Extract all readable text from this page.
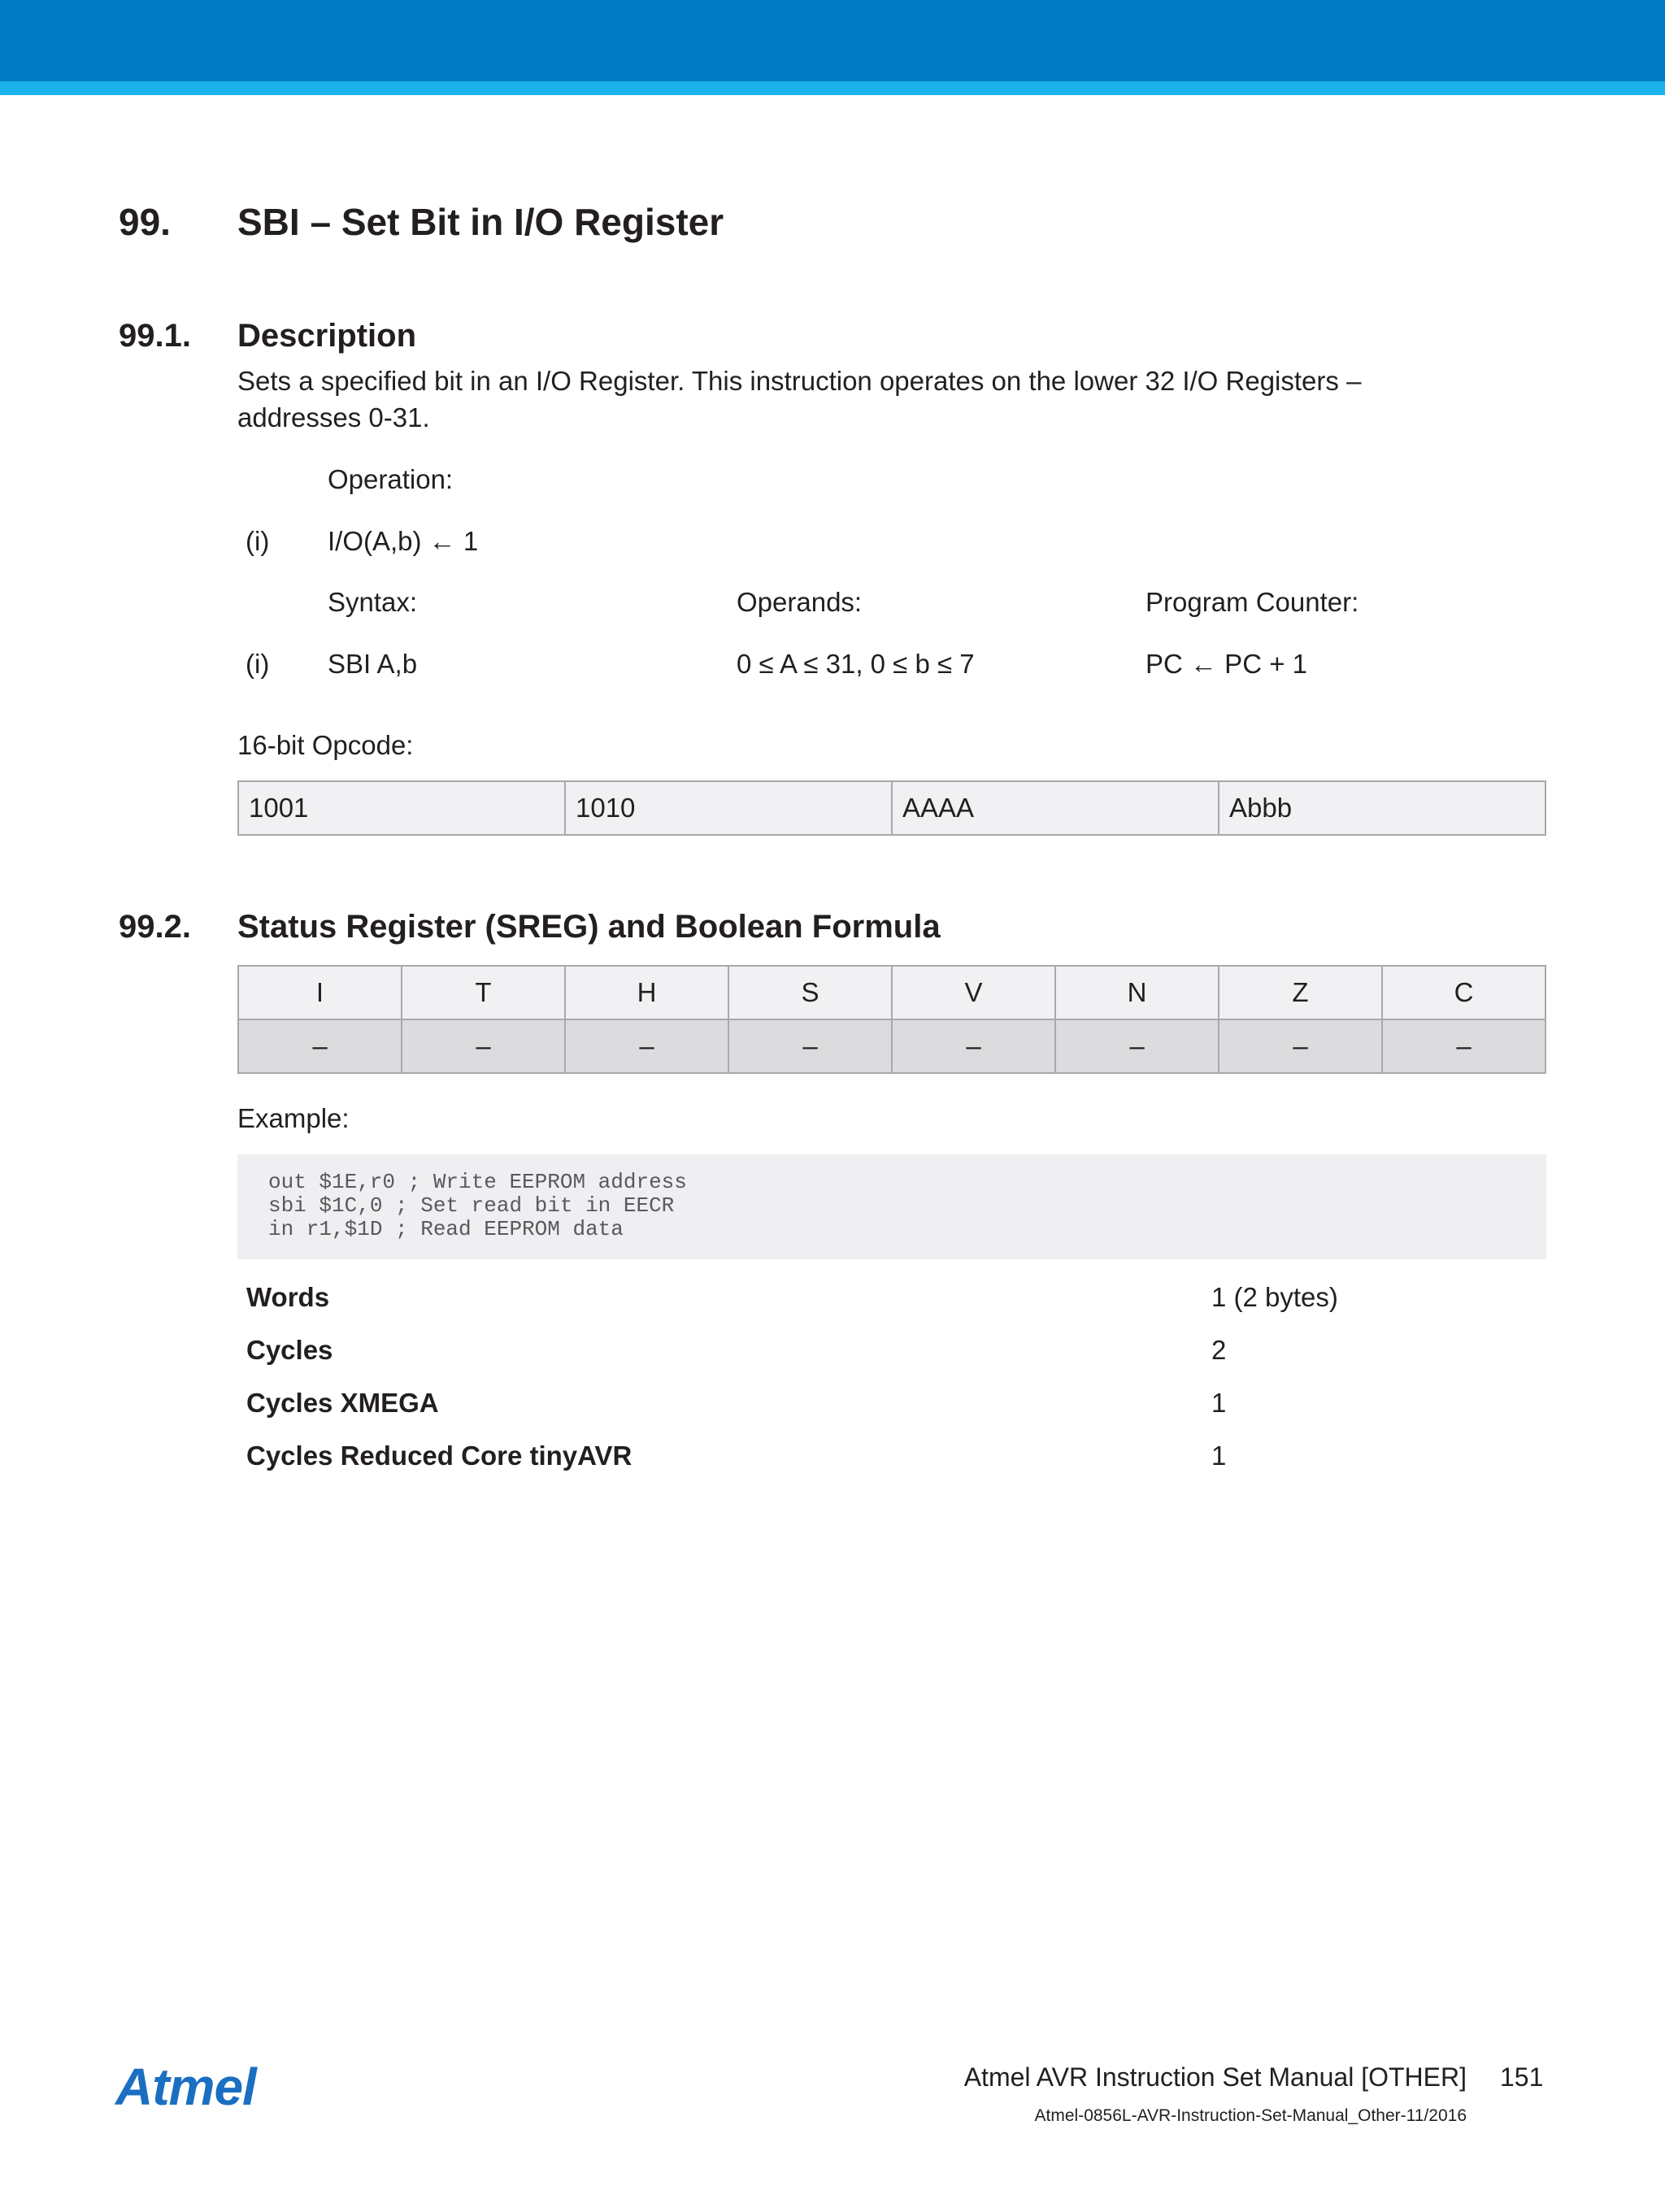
99. SBI – Set Bit in I/O Register
99.1. Description
Sets a specified bit in an I/O Register. This instruction operates on the lower 32 I/O Registers –
addresses 0-31.
Operation:
(i) I/O(A,b) ← 1
Syntax:	Operands:	Program Counter:
(i) SBI A,b	0 ≤ A ≤ 31, 0 ≤ b ≤ 7	PC ← PC + 1
16-bit Opcode:
1001	1010	AAAA	Abbb
99.2. Status Register (SREG) and Boolean Formula
I	T	H	S	V	N	Z	C
–	–	–	–	–	–	–	–
Example:
out $1E,r0 ; Write EEPROM address
sbi $1C,0 ; Set read bit in EECR
in r1,$1D ; Read EEPROM data
Words	1 (2 bytes)
Cycles	2
Cycles XMEGA	1
Cycles Reduced Core tinyAVR	1
Atmel	Atmel AVR Instruction Set Manual [OTHER] 151
Atmel-0856L-AVR-Instruction-Set-Manual_Other-11/2016
